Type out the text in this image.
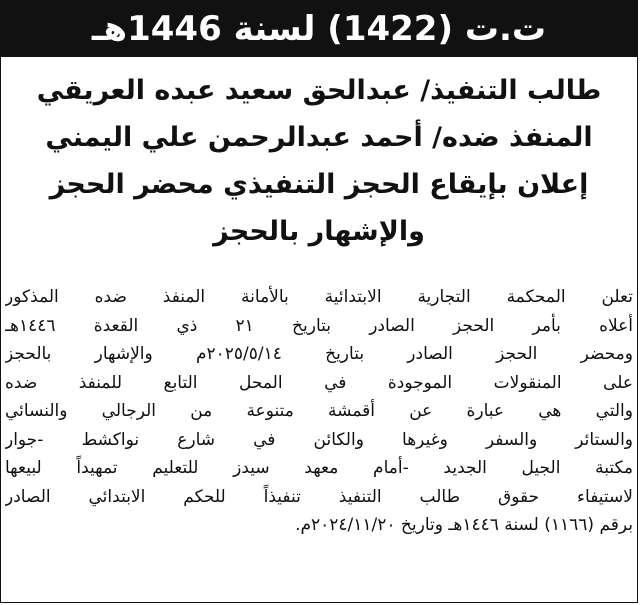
ت.ت (1422) لسنة 1446هـ
طالب التنفيذ/ عبدالحق سعيد عبده العريقي
المنفذ ضده/ أحمد عبدالرحمن علي اليمني
إعلان بإيقاع الحجز التنفيذي محضر الحجز
والإشهار بالحجز
تعلن المحكمة التجارية الابتدائية بالأمانة المنفذ ضده المذكور
أعلاه بأمر الحجز الصادر بتاريخ ٢١ ذي القعدة ١٤٤٦هـ
ومحضر الحجز الصادر بتاريخ ٢٠٢٥/٥/١٤م والإشهار بالحجز
على المنقولات الموجودة في المحل التابع للمنفذ ضده
والتي هي عبارة عن أقمشة متنوعة من الرجالي والنسائي
والستائر والسفر وغيرها والكائن في شارع نواكشط -جوار
مكتبة الجيل الجديد -أمام معهد سيدز للتعليم تمهيداً لبيعها
لاستيفاء حقوق طالب التنفيذ تنفيذاً للحكم الابتدائي الصادر
برقم (١١٦٦) لسنة ١٤٤٦هـ وتاريخ ٢٠٢٤/١١/٢٠م.
